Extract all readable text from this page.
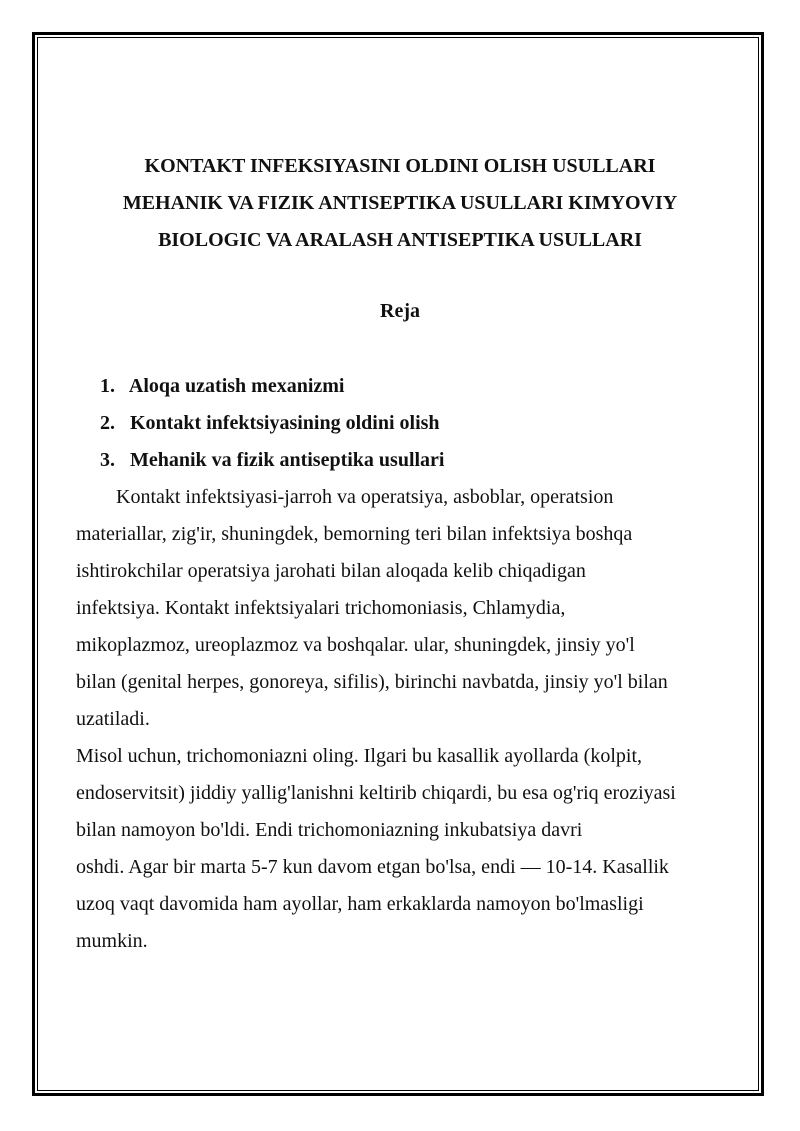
KONTAKT INFEKSIYASINI OLDINI OLISH USULLARI
MEHANIK VA FIZIK ANTISEPTIKA USULLARI KIMYOVIY
BIOLOGIC VA ARALASH ANTISEPTIKA USULLARI
Reja
1. Aloqa uzatish mexanizmi
2. Kontakt infektsiyasining oldini olish
3. Mehanik va fizik antiseptika usullari
Kontakt infektsiyasi-jarroh va operatsiya, asboblar, operatsion
materiallar, zig'ir, shuningdek, bemorning teri bilan infektsiya boshqa
ishtirokchilar operatsiya jarohati bilan aloqada kelib chiqadigan
infektsiya. Kontakt infektsiyalari trichomoniasis, Chlamydia,
mikoplazmoz, ureoplazmoz va boshqalar. ular, shuningdek, jinsiy yo'l
bilan (genital herpes, gonoreya, sifilis), birinchi navbatda, jinsiy yo'l bilan
uzatiladi.
Misol uchun, trichomoniazni oling. Ilgari bu kasallik ayollarda (kolpit,
endoservitsit) jiddiy yallig'lanishni keltirib chiqardi, bu esa og'riq eroziyasi
bilan namoyon bo'ldi. Endi trichomoniazning inkubatsiya davri
oshdi. Agar bir marta 5-7 kun davom etgan bo'lsa, endi — 10-14. Kasallik
uzoq vaqt davomida ham ayollar, ham erkaklarda namoyon bo'lmasligi
mumkin.
